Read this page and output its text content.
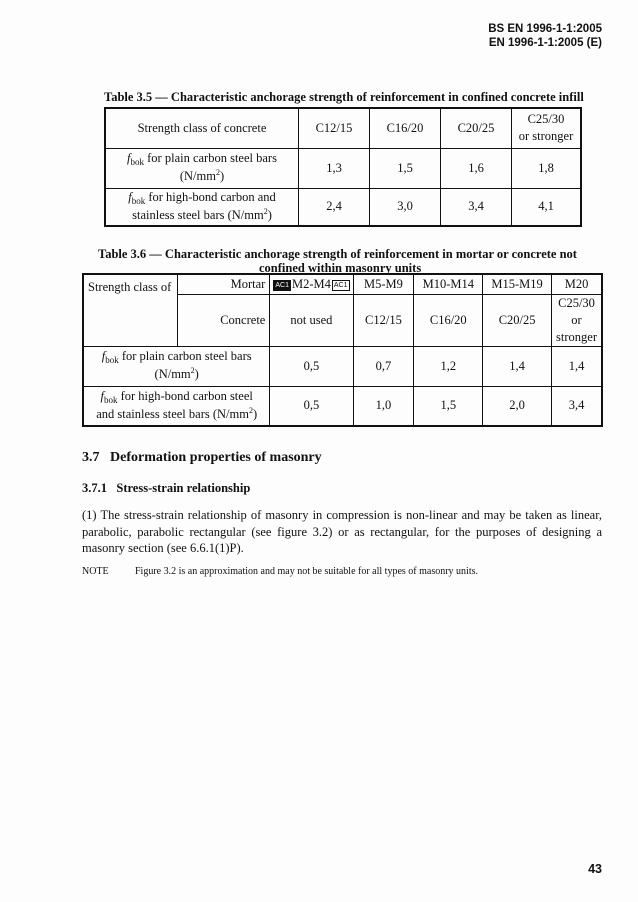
BS EN 1996-1-1:2005
EN 1996-1-1:2005 (E)
Table 3.5 — Characteristic anchorage strength of reinforcement in confined concrete infill
Strength class of concrete	C12/15	C16/20	C20/25	C25/30
or stronger

$f_{bok}$ for plain carbon steel bars
$(N/mm^2)$	1,3	1,5	1,6	1,8

$f_{bok}$ for high-bond carbon and
stainless steel bars $(N/mm^2)$	2,4	3,0	3,4	4,1
Table 3.6 — Characteristic anchorage strength of reinforcement in mortar or concrete not
confined within masonry units
Strength class of	Mortar	AC1 M2-M4 AC1	M5-M9	M10-M14	M15-M19	M20
	Concrete	not used	C12/15	C16/20	C20/25	C25/30 or
stronger

$f_{bok}$ for plain carbon steel bars
$(N/mm^2)$		0,5	0,7	1,2	1,4	1,4

$f_{bok}$ for high-bond carbon steel
and stainless steel bars $(N/mm^2)$		0,5	1,0	1,5	2,0	3,4
3.7   Deformation properties of masonry
3.7.1   Stress-strain relationship
(1) The stress-strain relationship of masonry in compression is non-linear and may be taken as linear, parabolic, parabolic rectangular (see figure 3.2) or as rectangular, for the purposes of designing a masonry section (see 6.6.1(1)P).
NOTE	Figure 3.2 is an approximation and may not be suitable for all types of masonry units.
43
